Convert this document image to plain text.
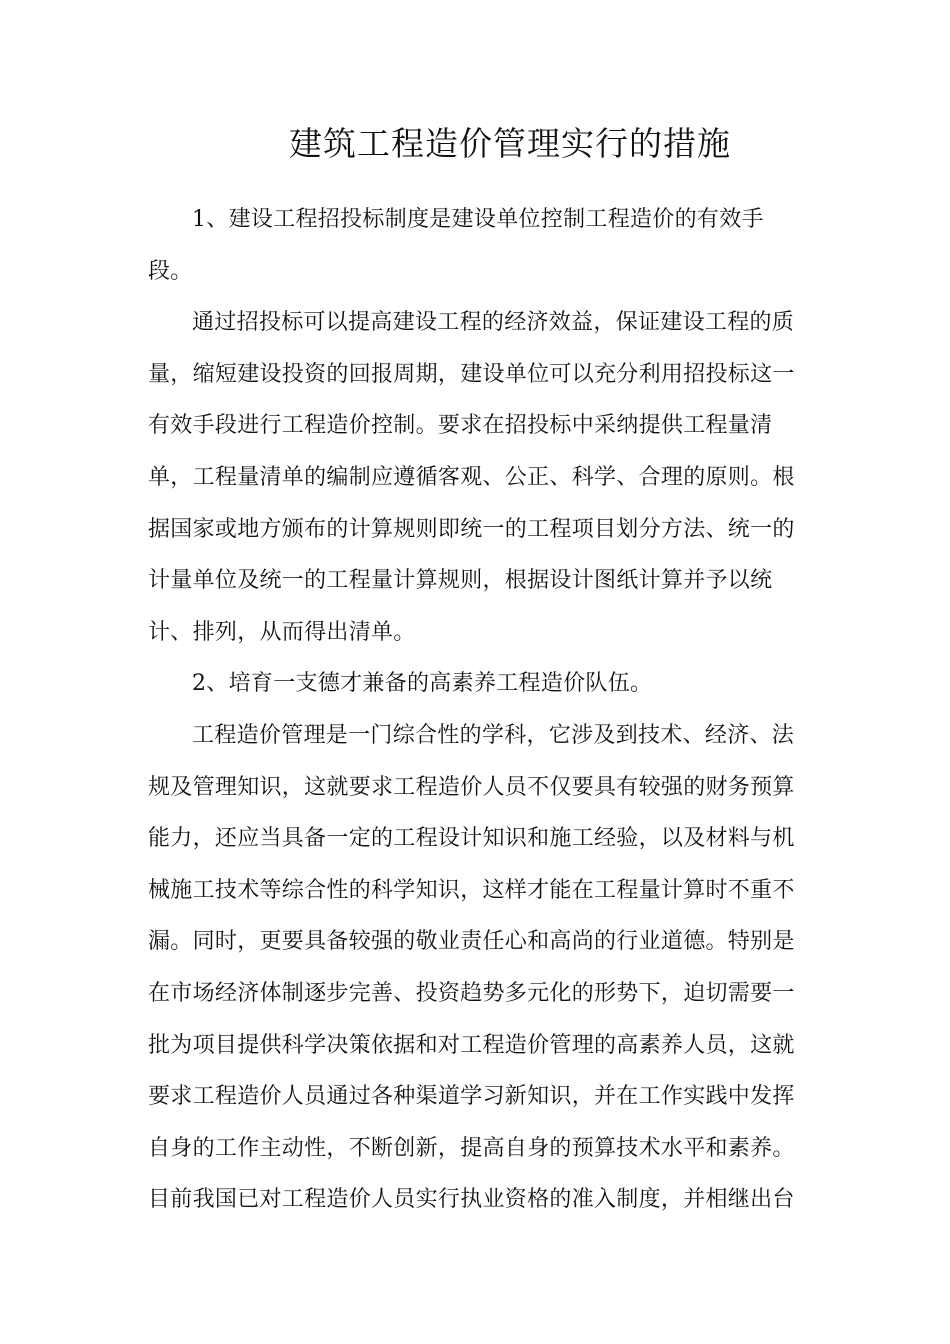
建筑工程造价管理实行的措施
1、建设工程招投标制度是建设单位控制工程造价的有效手
段。
通过招投标可以提高建设工程的经济效益，保证建设工程的质
量，缩短建设投资的回报周期，建设单位可以充分利用招投标这一
有效手段进行工程造价控制。要求在招投标中采纳提供工程量清
单，工程量清单的编制应遵循客观、公正、科学、合理的原则。根
据国家或地方颁布的计算规则即统一的工程项目划分方法、统一的
计量单位及统一的工程量计算规则，根据设计图纸计算并予以统
计、排列，从而得出清单。
2、培育一支德才兼备的高素养工程造价队伍。
工程造价管理是一门综合性的学科，它涉及到技术、经济、法
规及管理知识，这就要求工程造价人员不仅要具有较强的财务预算
能力，还应当具备一定的工程设计知识和施工经验，以及材料与机
械施工技术等综合性的科学知识，这样才能在工程量计算时不重不
漏。同时，更要具备较强的敬业责任心和高尚的行业道德。特别是
在市场经济体制逐步完善、投资趋势多元化的形势下，迫切需要一
批为项目提供科学决策依据和对工程造价管理的高素养人员，这就
要求工程造价人员通过各种渠道学习新知识，并在工作实践中发挥
自身的工作主动性，不断创新，提高自身的预算技术水平和素养。
目前我国已对工程造价人员实行执业资格的准入制度，并相继出台
